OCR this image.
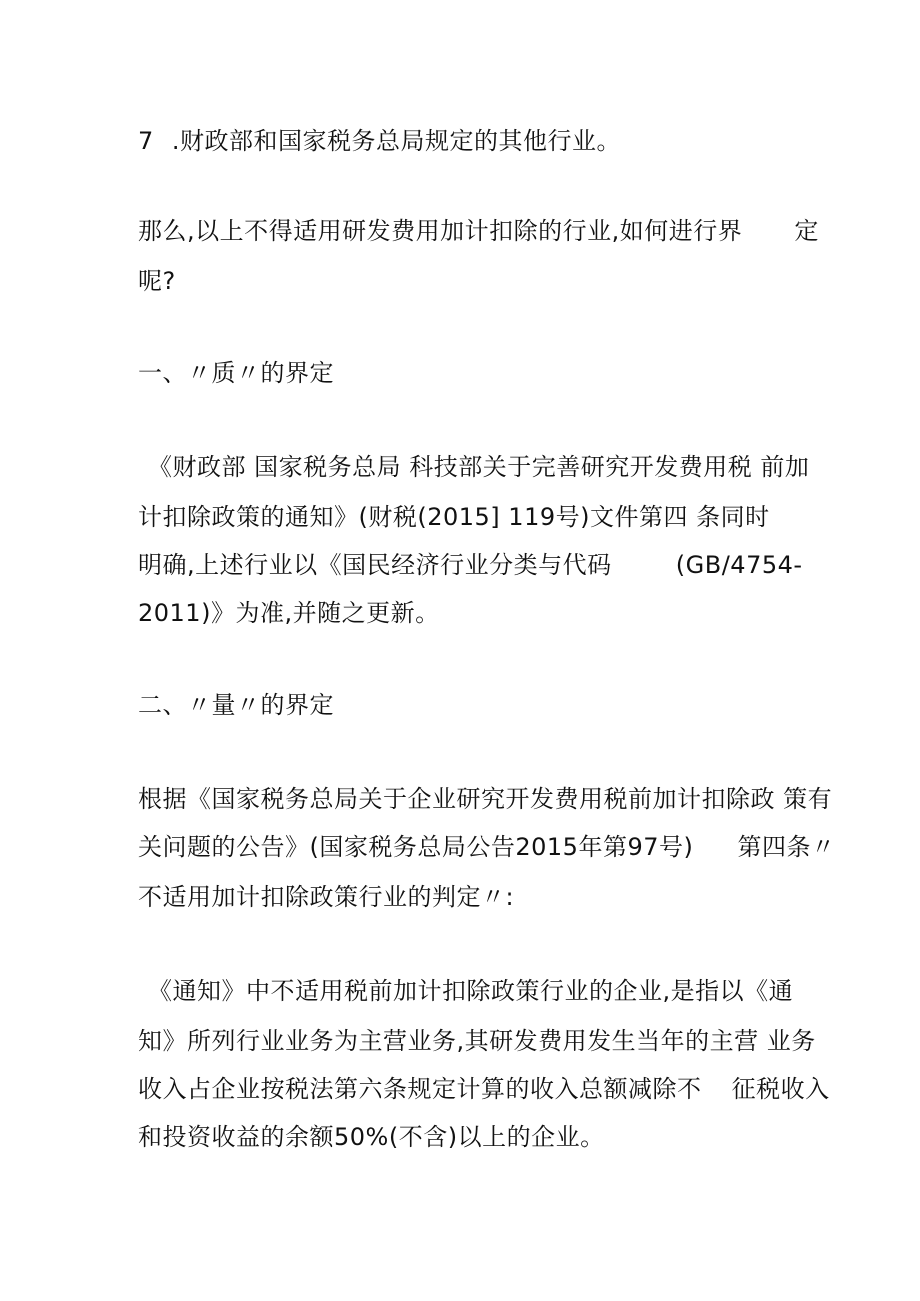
7 .财政部和国家税务总局规定的其他行业。
那么,以上不得适用研发费用加计扣除的行业,如何进行界 定
呢?
一、〃质〃的界定
《财政部 国家税务总局 科技部关于完善研究开发费用税 前加
计扣除政策的通知》(财税(2015] 119号)文件第四 条同时
明确,上述行业以《国民经济行业分类与代码	(GB/4754-
2011)》为准,并随之更新。
二、〃量〃的界定
根据《国家税务总局关于企业研究开发费用税前加计扣除政 策有
关问题的公告》(国家税务总局公告2015年第97号) 第四条〃
不适用加计扣除政策行业的判定〃:
《通知》中不适用税前加计扣除政策行业的企业,是指以《通
知》所列行业业务为主营业务,其研发费用发生当年的主营 业务
收入占企业按税法第六条规定计算的收入总额减除不 征税收入
和投资收益的余额50%(不含)以上的企业。
